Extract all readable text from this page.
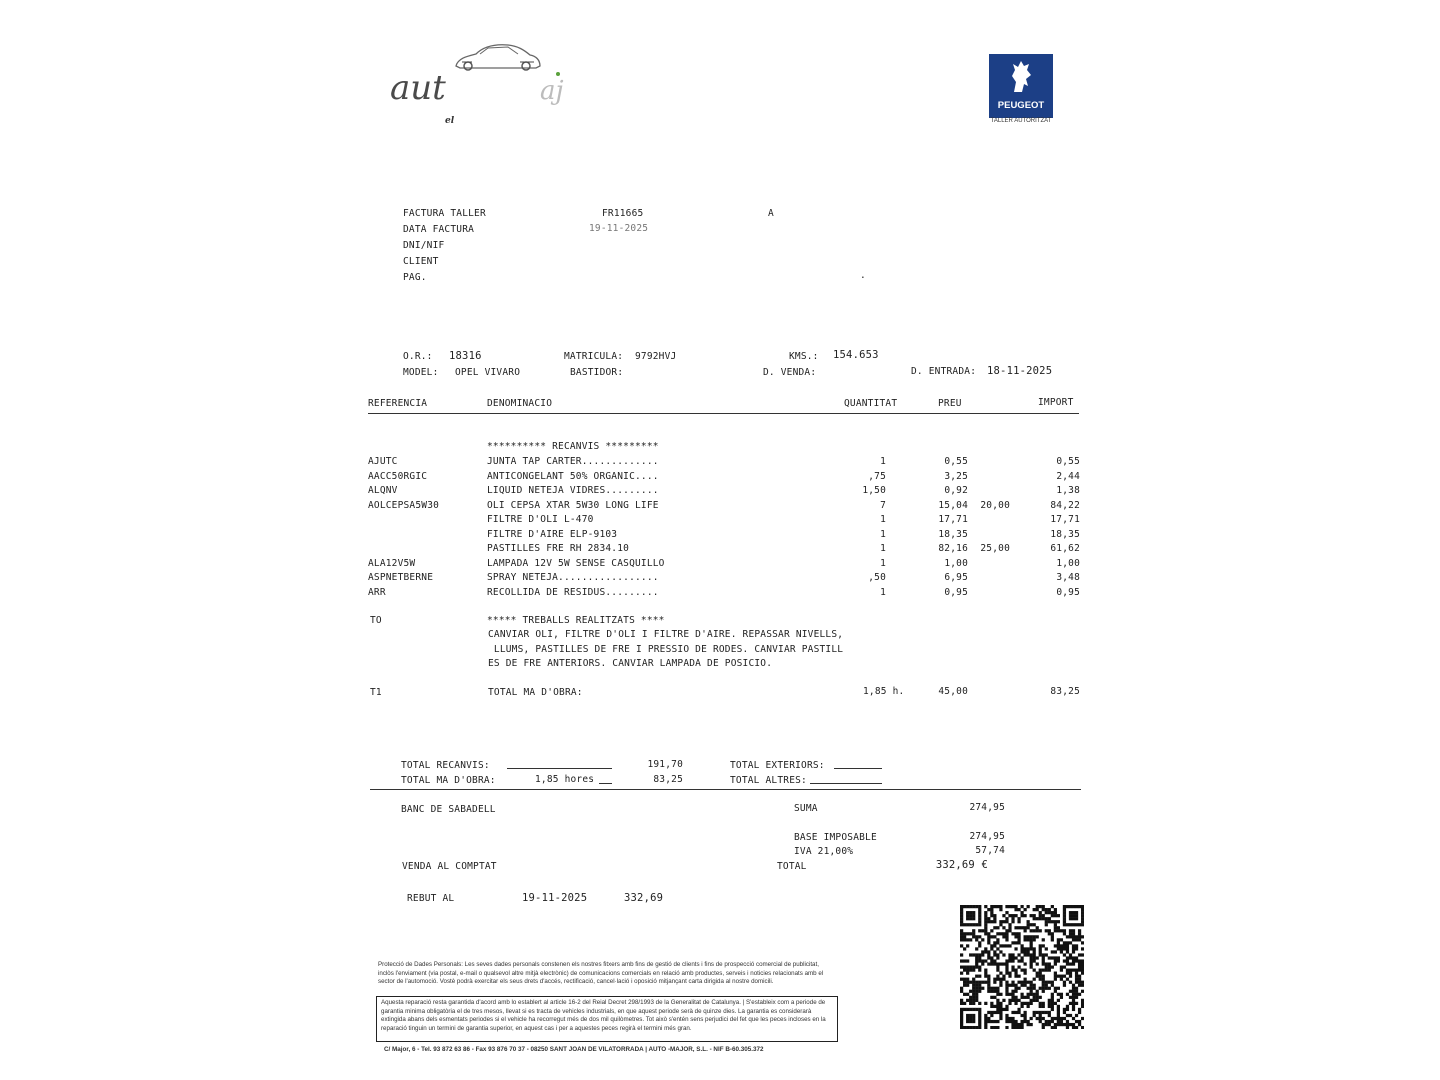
aut	aj
el
PEUGEOT
TALLER AUTORITZAT
FACTURA TALLER	FR11665	A
DATA FACTURA	19-11-2025
DNI/NIF
CLIENT
PAG.	.
O.R.: 18316	MATRICULA: 9792HVJ	KMS.: 154.653
MODEL: OPEL VIVARO	BASTIDOR:	D. VENDA:	D. ENTRADA: 18-11-2025
REFERENCIA	DENOMINACIO	QUANTITAT	PREU	IMPORT
********** RECANVIS *********
AJUTC	JUNTA TAP CARTER.............	1	0,55	0,55
AACC50RGIC	ANTICONGELANT 50% ORGANIC....	,75	3,25	2,44
ALQNV	LIQUID NETEJA VIDRES.........	1,50	0,92	1,38
AOLCEPSA5W30	OLI CEPSA XTAR 5W30 LONG LIFE	7	15,04	20,00	84,22
FILTRE D'OLI L-470	1	17,71	17,71
FILTRE D'AIRE ELP-9103	1	18,35	18,35
PASTILLES FRE RH 2834.10	1	82,16	25,00	61,62
ALA12V5W	LAMPADA 12V 5W SENSE CASQUILLO	1	1,00	1,00
ASPNETBERNE	SPRAY NETEJA.................	,50	6,95	3,48
ARR	RECOLLIDA DE RESIDUS.........	1	0,95	0,95
TO	***** TREBALLS REALITZATS ****
CANVIAR OLI, FILTRE D'OLI I FILTRE D'AIRE. REPASSAR NIVELLS,
LLUMS, PASTILLES DE FRE I PRESSIO DE RODES. CANVIAR PASTILL
ES DE FRE ANTERIORS. CANVIAR LAMPADA DE POSICIO.
T1	TOTAL MA D'OBRA:	1,85 h.	45,00	83,25
TOTAL RECANVIS:	191,70
TOTAL MA D'OBRA:	1,85 hores	83,25
TOTAL EXTERIORS:
TOTAL ALTRES:
BANC DE SABADELL	SUMA	274,95
BASE IMPOSABLE	274,95
IVA 21,00%	57,74
VENDA AL COMPTAT	TOTAL	332,69 €
REBUT AL	19-11-2025	332,69
Protecció de Dades Personals: Les seves dades personals constenen els nostres fitxers amb fins de gestió de clients i fins de prospecció comercial de publicitat, inclòs l'enviament (via postal, e-mail o qualsevol altre mitjà electrònic) de comunicacions comercials en relació amb productes, serveis i noticies relacionats amb el sector de l'automoció. Vostè podrà exercitar els seus drets d'accés, rectificació, cancel·lació i oposició mitjançant carta dirigida al nostre domicili.
Aquesta reparació resta garantida d'acord amb lo establert al article 16-2 del Reial Decret 298/1993 de la Generalitat de Catalunya. | S'estableix com a periode de garantia minima obligatòria el de tres mesos, llevat si es tracta de vehicles industrials, en que aquest periode serà de quinze dies. La garantia es considerarà extingida abans dels esmentats periodes si el vehicle ha recorregut més de dos mil quilòmetres. Tot això s'entén sens perjudici del fet que les peces incloses en la reparació tinguin un termini de garantia superior, en aquest cas i per a aquestes peces regirà el termini més gran.
C/ Major, 6 - Tel. 93 872 63 86 - Fax 93 876 70 37 - 08250 SANT JOAN DE VILATORRADA | AUTO -MAJOR, S.L. - NIF B-60.305.372
